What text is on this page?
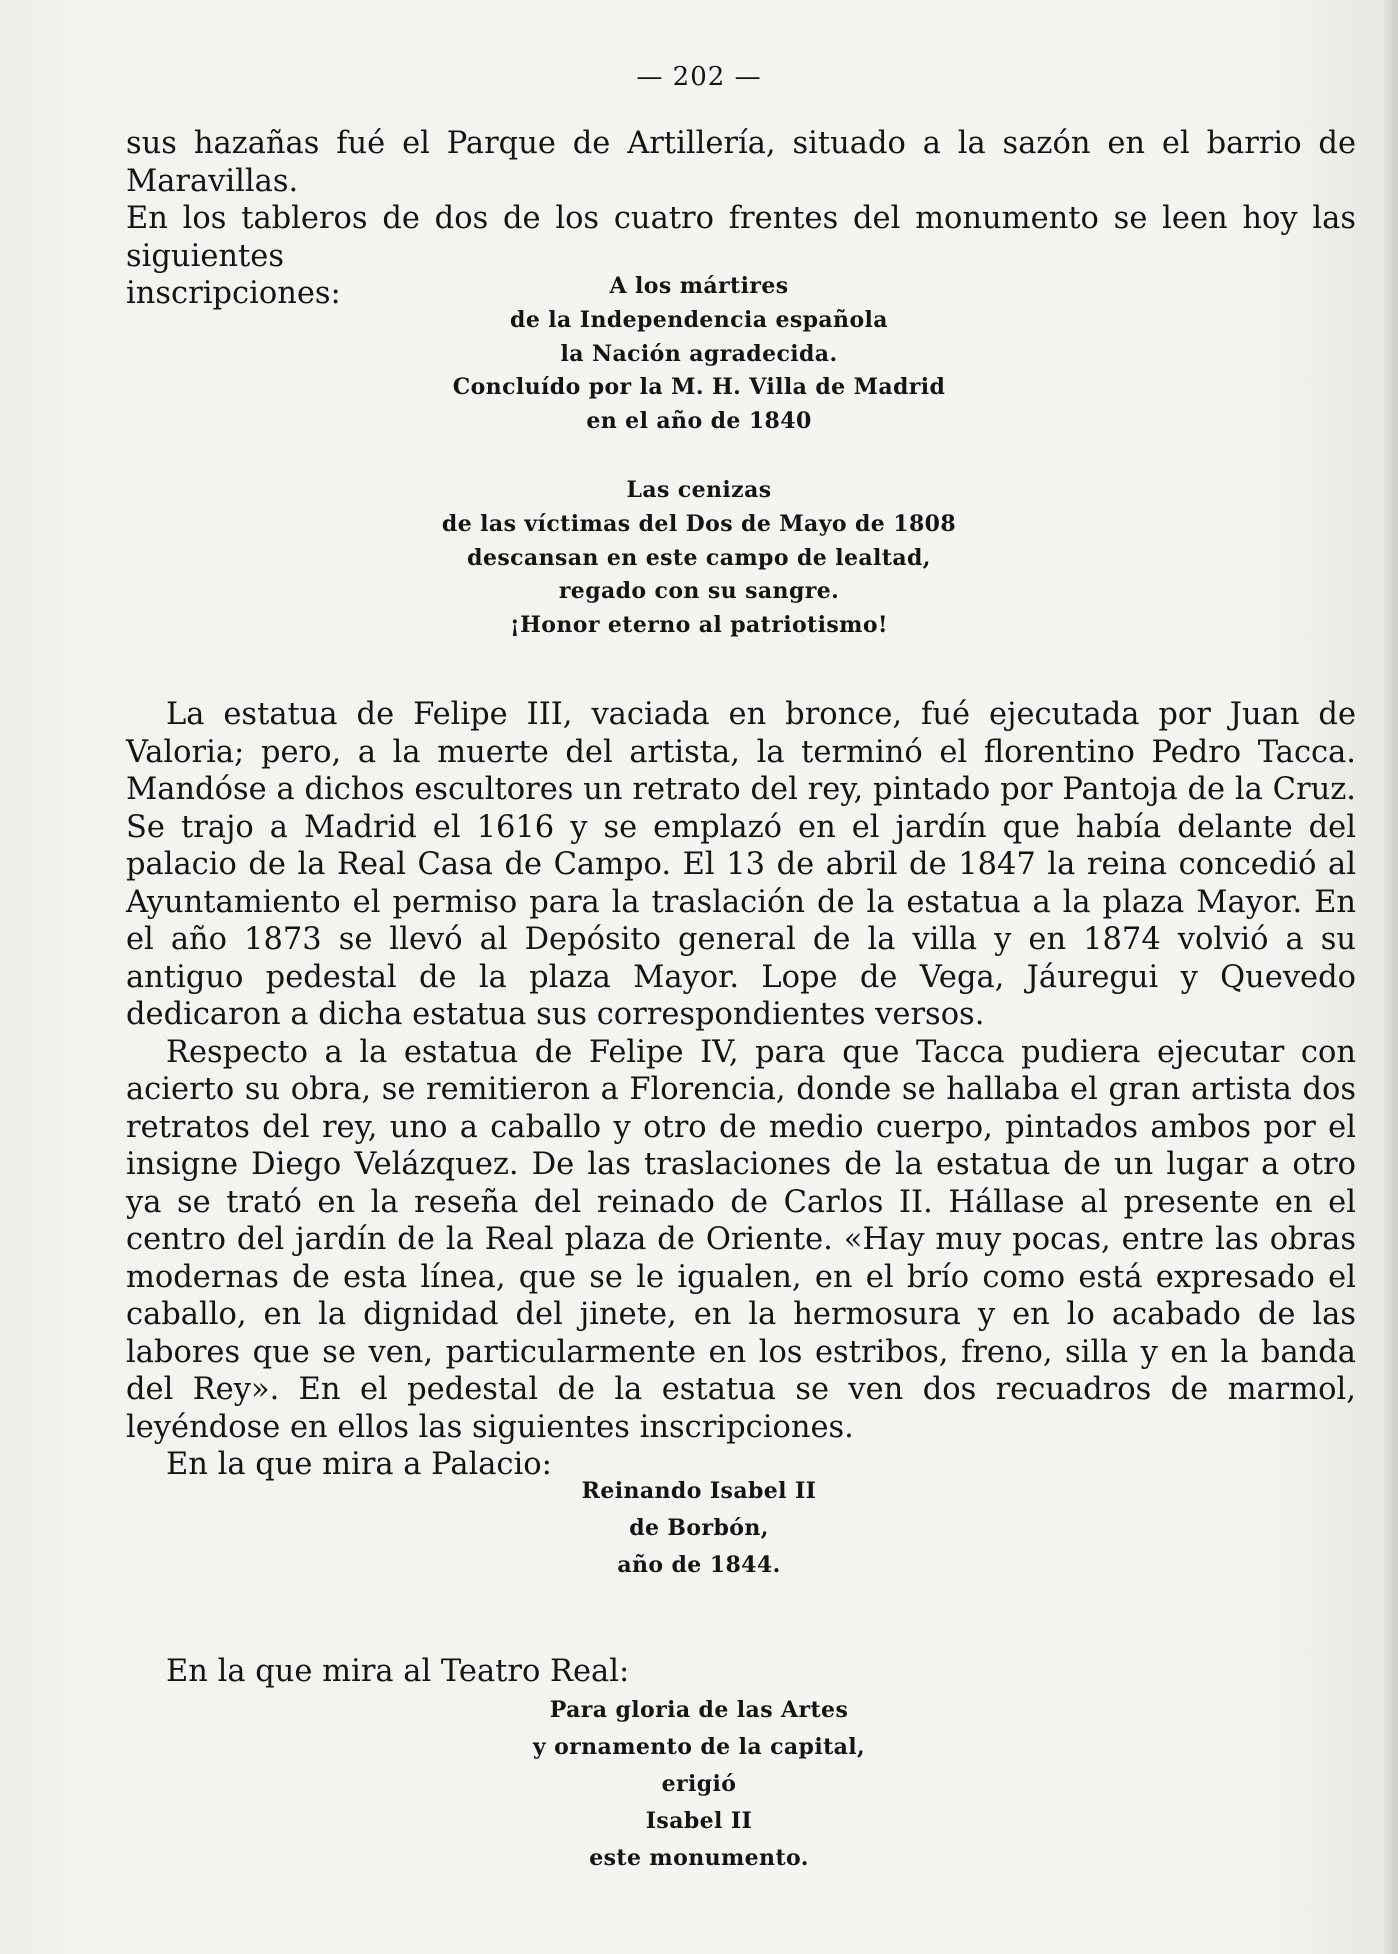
— 202 —

sus hazañas fué el Parque de Artillería, situado a la sazón en el barrio de Maravillas.

En los tableros de dos de los cuatro frentes del monumento se leen hoy las siguientes

inscripciones:	A los mártires
de la Independencia española
la Nación agradecida.
Concluído por la M. H. Villa de Madrid
en el año de 1840
Las cenizas
de las víctimas del Dos de Mayo de 1808
descansan en este campo de lealtad,
regado con su sangre.
¡Honor eterno al patriotismo!

La estatua de Felipe III, vaciada en bronce, fué ejecutada por Juan de Valoria; pero, a la muerte del artista, la terminó el florentino Pedro Tacca. Mandóse a dichos escultores un retrato del rey, pintado por Pantoja de la Cruz. Se trajo a Madrid el 1616 y se emplazó en el jardín que había delante del palacio de la Real Casa de Campo. El 13 de abril de 1847 la reina concedió al Ayuntamiento el permiso para la traslación de la estatua a la plaza Mayor. En el año 1873 se llevó al Depósito general de la villa y en 1874 volvió a su antiguo pedestal de la plaza Mayor. Lope de Vega, Jáuregui y Quevedo dedicaron a dicha estatua sus correspondientes versos.

Respecto a la estatua de Felipe IV, para que Tacca pudiera ejecutar con acierto su obra, se remitieron a Florencia, donde se hallaba el gran artista dos retratos del rey, uno a caballo y otro de medio cuerpo, pintados ambos por el insigne Diego Velázquez. De las traslaciones de la estatua de un lugar a otro ya se trató en la reseña del reinado de Carlos II. Hállase al presente en el centro del jardín de la Real plaza de Oriente. «Hay muy pocas, entre las obras modernas de esta línea, que se le igualen, en el brío como está expresado el caballo, en la dignidad del jinete, en la hermosura y en lo acabado de las labores que se ven, particularmente en los estribos, freno, silla y en la banda del Rey». En el pedestal de la estatua se ven dos recuadros de marmol, leyéndose en ellos las siguientes inscripciones.

En la que mira a Palacio:

Reinando Isabel II
de Borbón,
año de 1844.

En la que mira al Teatro Real:

Para gloria de las Artes
y ornamento de la capital,
erigió
Isabel II
este monumento.
